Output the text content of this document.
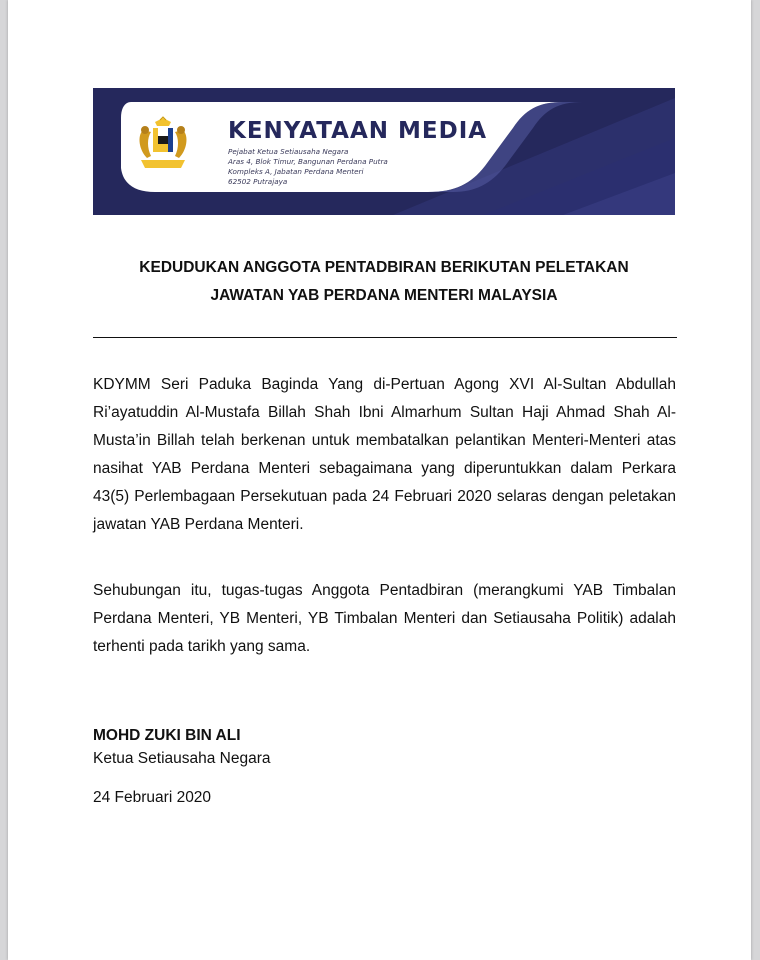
KENYATAAN MEDIA
Pejabat Ketua Setiausaha Negara
Aras 4, Blok Timur, Bangunan Perdana Putra
Kompleks A, Jabatan Perdana Menteri
62502 Putrajaya
KEDUDUKAN ANGGOTA PENTADBIRAN BERIKUTAN PELETAKAN
JAWATAN YAB PERDANA MENTERI MALAYSIA

KDYMM Seri Paduka Baginda Yang di-Pertuan Agong XVI Al-Sultan Abdullah Ri’ayatuddin Al-Mustafa Billah Shah Ibni Almarhum Sultan Haji Ahmad Shah Al-Musta’in Billah telah berkenan untuk membatalkan pelantikan Menteri-Menteri atas nasihat YAB Perdana Menteri sebagaimana yang diperuntukkan dalam Perkara 43(5) Perlembagaan Persekutuan pada 24 Februari 2020 selaras dengan peletakan jawatan YAB Perdana Menteri.

Sehubungan itu, tugas-tugas Anggota Pentadbiran (merangkumi YAB Timbalan Perdana Menteri, YB Menteri, YB Timbalan Menteri dan Setiausaha Politik) adalah terhenti pada tarikh yang sama.

MOHD ZUKI BIN ALI
Ketua Setiausaha Negara
24 Februari 2020
